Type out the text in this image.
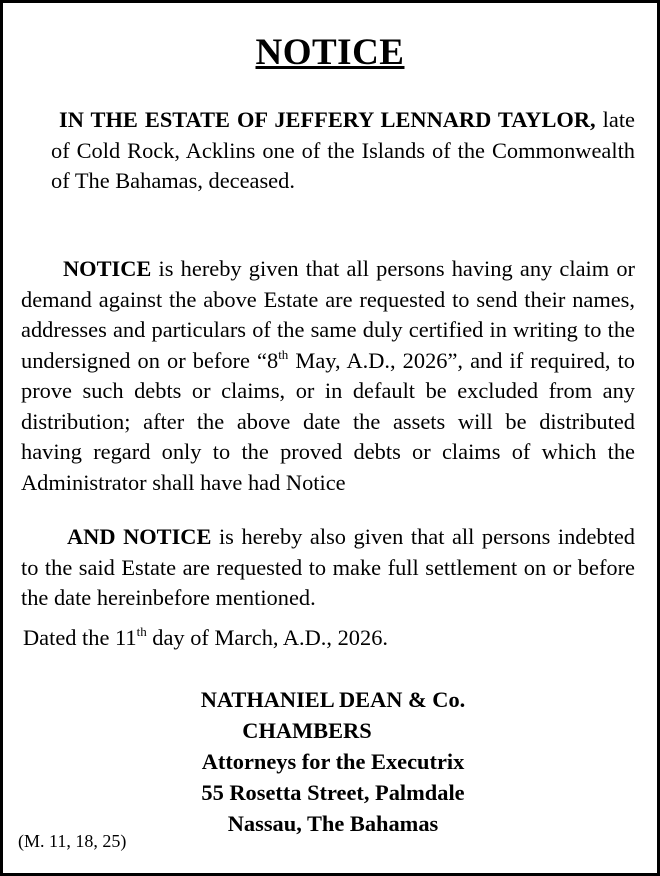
NOTICE

IN THE ESTATE OF JEFFERY LENNARD TAYLOR, late of Cold Rock, Acklins one of the Islands of the Commonwealth of The Bahamas, deceased.

NOTICE is hereby given that all persons having any claim or demand against the above Estate are requested to send their names, addresses and particulars of the same duly certified in writing to the undersigned on or before “8th May, A.D., 2026”, and if required, to prove such debts or claims, or in default be excluded from any distribution; after the above date the assets will be distributed having regard only to the proved debts or claims of which the Administrator shall have had Notice

AND NOTICE is hereby also given that all persons indebted to the said Estate are requested to make full settlement on or before the date hereinbefore mentioned.

Dated the 11th day of March, A.D., 2026.
NATHANIEL DEAN & Co.
CHAMBERS
Attorneys for the Executrix
55 Rosetta Street, Palmdale
Nassau, The Bahamas
(M. 11, 18, 25)
